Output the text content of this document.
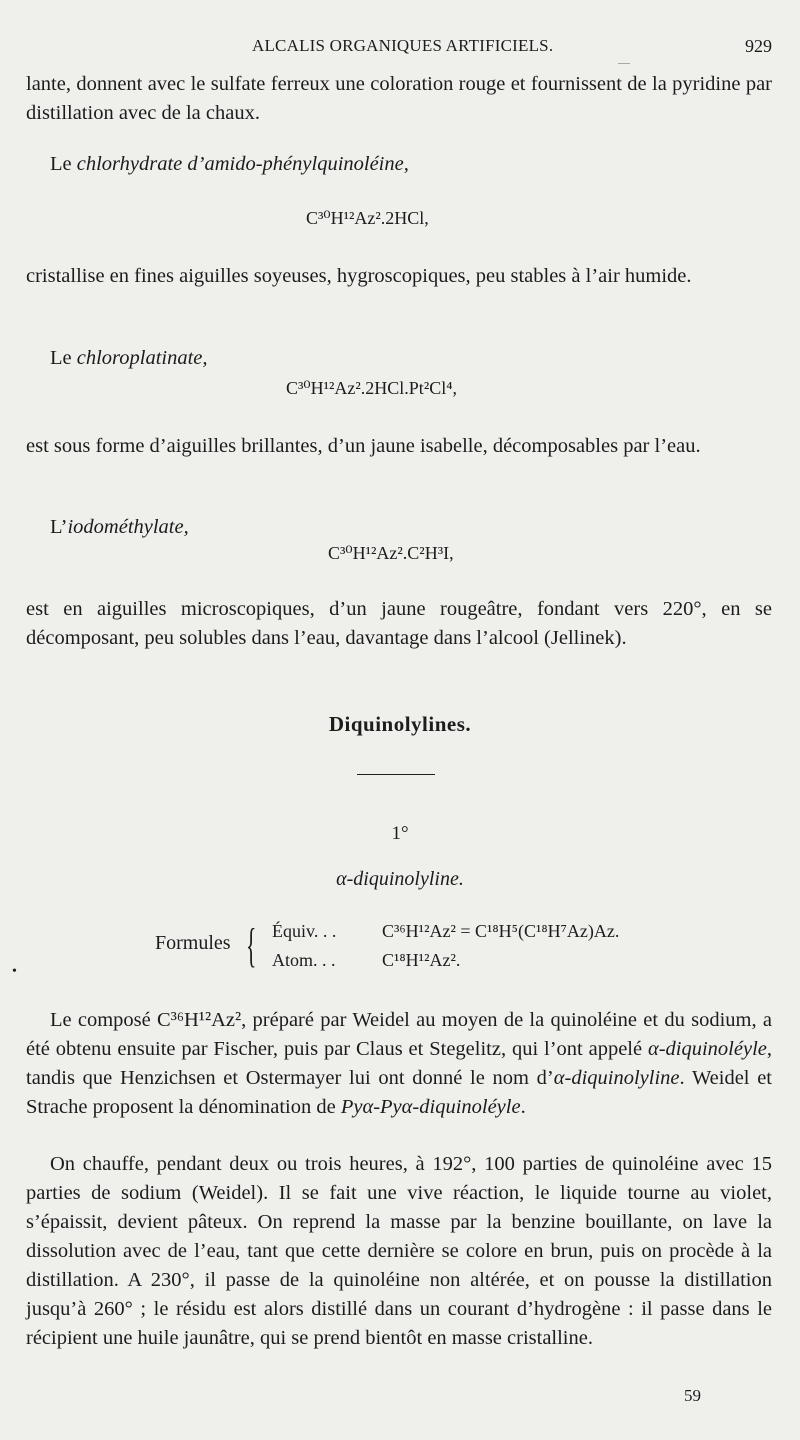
ALCALIS ORGANIQUES ARTIFICIELS.	929
—

lante, donnent avec le sulfate ferreux une coloration rouge et fournissent de la pyridine par distillation avec de la chaux.

Le chlorhydrate d’amido-phénylquinoléine,

C³⁰H¹²Az².2HCl,

cristallise en fines aiguilles soyeuses, hygroscopiques, peu stables à l’air humide.

Le chloroplatinate,

C³⁰H¹²Az².2HCl.Pt²Cl⁴,

est sous forme d’aiguilles brillantes, d’un jaune isabelle, décomposables par l’eau.

L’iodométhylate,

C³⁰H¹²Az².C²H³I,

est en aiguilles microscopiques, d’un jaune rougeâtre, fondant vers 220°, en se décomposant, peu solubles dans l’eau, davantage dans l’alcool (Jellinek).

Diquinolylines.
1°
α-diquinolyline.
Formules { Équiv. . .	C³⁶H¹²Az² = C¹⁸H⁵(C¹⁸H⁷Az)Az.
Atom. . .	C¹⁸H¹²Az².
•

Le composé C³⁶H¹²Az², préparé par Weidel au moyen de la quinoléine et du sodium, a été obtenu ensuite par Fischer, puis par Claus et Stegelitz, qui l’ont appelé α-diquinoléyle, tandis que Henzichsen et Ostermayer lui ont donné le nom d’α-diquinolyline. Weidel et Strache proposent la dénomination de Pyα-Pyα-diquinoléyle.

On chauffe, pendant deux ou trois heures, à 192°, 100 parties de quinoléine avec 15 parties de sodium (Weidel). Il se fait une vive réaction, le liquide tourne au violet, s’épaissit, devient pâteux. On reprend la masse par la benzine bouillante, on lave la dissolution avec de l’eau, tant que cette dernière se colore en brun, puis on procède à la distillation. A 230°, il passe de la quinoléine non altérée, et on pousse la distillation jusqu’à 260° ; le résidu est alors distillé dans un courant d’hydrogène : il passe dans le récipient une huile jaunâtre, qui se prend bientôt en masse cristalline.

59
